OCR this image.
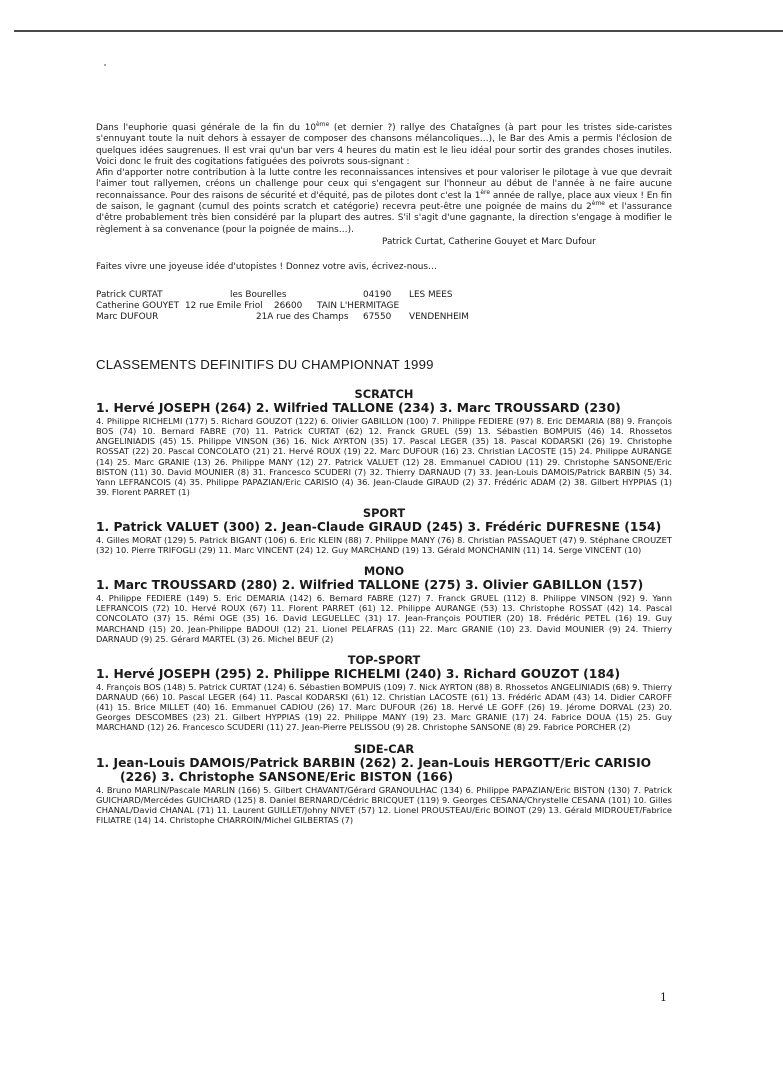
Dans l'euphorie quasi générale de la fin du 10ème (et dernier ?) rallye des Chataîgnes (à part pour les tristes side-caristes s'ennuyant toute la nuit dehors à essayer de composer des chansons mélancoliques…), le Bar des Amis a permis l'éclosion de quelques idées saugrenues. Il est vrai qu'un bar vers 4 heures du matin est le lieu idéal pour sortir des grandes choses inutiles. Voici donc le fruit des cogitations fatiguées des poivrots sous-signant :

Afin d'apporter notre contribution à la lutte contre les reconnaissances intensives et pour valoriser le pilotage à vue que devrait l'aimer tout rallyemen, créons un challenge pour ceux qui s'engagent sur l'honneur au début de l'année à ne faire aucune reconnaissance. Pour des raisons de sécurité et d'équité, pas de pilotes dont c'est la 1ère année de rallye, place aux vieux ! En fin de saison, le gagnant (cumul des points scratch et catégorie) recevra peut-être une poignée de mains du 2ème et l'assurance d'être probablement très bien considéré par la plupart des autres. S'il s'agit d'une gagnante, la direction s'engage à modifier le règlement à sa convenance (pour la poignée de mains…).

Patrick Curtat, Catherine Gouyet et Marc Dufour
Faites vivre une joyeuse idée d'utopistes ! Donnez votre avis, écrivez-nous…
Patrick CURTAT	les Bourelles	04190 LES MEES
Catherine GOUYET 12 rue Emile Friol 26600 TAIN L'HERMITAGE
Marc DUFOUR	21A rue des Champs 67550 VENDENHEIM
CLASSEMENTS DEFINITIFS DU CHAMPIONNAT 1999
SCRATCH
1. Hervé JOSEPH (264) 2. Wilfried TALLONE (234) 3. Marc TROUSSARD (230)

4. Philippe RICHELMI (177) 5. Richard GOUZOT (122) 6. Olivier GABILLON (100) 7. Philippe FEDIERE (97) 8. Eric DEMARIA (88) 9. François BOS (74) 10. Bernard FABRE (70) 11. Patrick CURTAT (62) 12. Franck GRUEL (59) 13. Sébastien BOMPUIS (46) 14. Rhossetos ANGELINIADIS (45) 15. Philippe VINSON (36) 16. Nick AYRTON (35) 17. Pascal LEGER (35) 18. Pascal KODARSKI (26) 19. Christophe ROSSAT (22) 20. Pascal CONCOLATO (21) 21. Hervé ROUX (19) 22. Marc DUFOUR (16) 23. Christian LACOSTE (15) 24. Philippe AURANGE (14) 25. Marc GRANIE (13) 26. Philippe MANY (12) 27. Patrick VALUET (12) 28. Emmanuel CADIOU (11) 29. Christophe SANSONE/Eric BISTON (11) 30. David MOUNIER (8) 31. Francesco SCUDERI (7) 32. Thierry DARNAUD (7) 33. Jean-Louis DAMOIS/Patrick BARBIN (5) 34. Yann LEFRANCOIS (4) 35. Philippe PAPAZIAN/Eric CARISIO (4) 36. Jean-Claude GIRAUD (2) 37. Frédéric ADAM (2) 38. Gilbert HYPPIAS (1) 39. Florent PARRET (1)

SPORT
1. Patrick VALUET (300) 2. Jean-Claude GIRAUD (245) 3. Frédéric DUFRESNE (154)

4. Gilles MORAT (129) 5. Patrick BIGANT (106) 6. Eric KLEIN (88) 7. Philippe MANY (76) 8. Christian PASSAQUET (47) 9. Stéphane CROUZET (32) 10. Pierre TRIFOGLI (29) 11. Marc VINCENT (24) 12. Guy MARCHAND (19) 13. Gérald MONCHANIN (11) 14. Serge VINCENT (10)

MONO
1. Marc TROUSSARD (280) 2. Wilfried TALLONE (275) 3. Olivier GABILLON (157)

4. Philippe FEDIERE (149) 5. Eric DEMARIA (142) 6. Bernard FABRE (127) 7. Franck GRUEL (112) 8. Philippe VINSON (92) 9. Yann LEFRANCOIS (72) 10. Hervé ROUX (67) 11. Florent PARRET (61) 12. Philippe AURANGE (53) 13. Christophe ROSSAT (42) 14. Pascal CONCOLATO (37) 15. Rémi OGE (35) 16. David LEGUELLEC (31) 17. Jean-François POUTIER (20) 18. Frédéric PETEL (16) 19. Guy MARCHAND (15) 20. Jean-Philippe BADOUI (12) 21. Lionel PELAFRAS (11) 22. Marc GRANIE (10) 23. David MOUNIER (9) 24. Thierry DARNAUD (9) 25. Gérard MARTEL (3) 26. Michel BEUF (2)

TOP-SPORT
1. Hervé JOSEPH (295) 2. Philippe RICHELMI (240) 3. Richard GOUZOT (184)

4. François BOS (148) 5. Patrick CURTAT (124) 6. Sébastien BOMPUIS (109) 7. Nick AYRTON (88) 8. Rhossetos ANGELINIADIS (68) 9. Thierry DARNAUD (66) 10. Pascal LEGER (64) 11. Pascal KODARSKI (61) 12. Christian LACOSTE (61) 13. Frédéric ADAM (43) 14. Didier CAROFF (41) 15. Brice MILLET (40) 16. Emmanuel CADIOU (26) 17. Marc DUFOUR (26) 18. Hervé LE GOFF (26) 19. Jérome DORVAL (23) 20. Georges DESCOMBES (23) 21. Gilbert HYPPIAS (19) 22. Philippe MANY (19) 23. Marc GRANIE (17) 24. Fabrice DOUA (15) 25. Guy MARCHAND (12) 26. Francesco SCUDERI (11) 27. Jean-Pierre PELISSOU (9) 28. Christophe SANSONE (8) 29. Fabrice PORCHER (2)

SIDE-CAR
1. Jean-Louis DAMOIS/Patrick BARBIN (262) 2. Jean-Louis HERGOTT/Eric CARISIO (226) 3. Christophe SANSONE/Eric BISTON (166)

4. Bruno MARLIN/Pascale MARLIN (166) 5. Gilbert CHAVANT/Gérard GRANOULHAC (134) 6. Philippe PAPAZIAN/Eric BISTON (130) 7. Patrick GUICHARD/Mercédes GUICHARD (125) 8. Daniel BERNARD/Cédric BRICQUET (119) 9. Georges CESANA/Chrystelle CESANA (101) 10. Gilles CHANAL/David CHANAL (71) 11. Laurent GUILLET/Johny NIVET (57) 12. Lionel PROUSTEAU/Eric BOINOT (29) 13. Gérald MIDROUET/Fabrice FILIATRE (14) 14. Christophe CHARROIN/Michel GILBERTAS (7)

1
